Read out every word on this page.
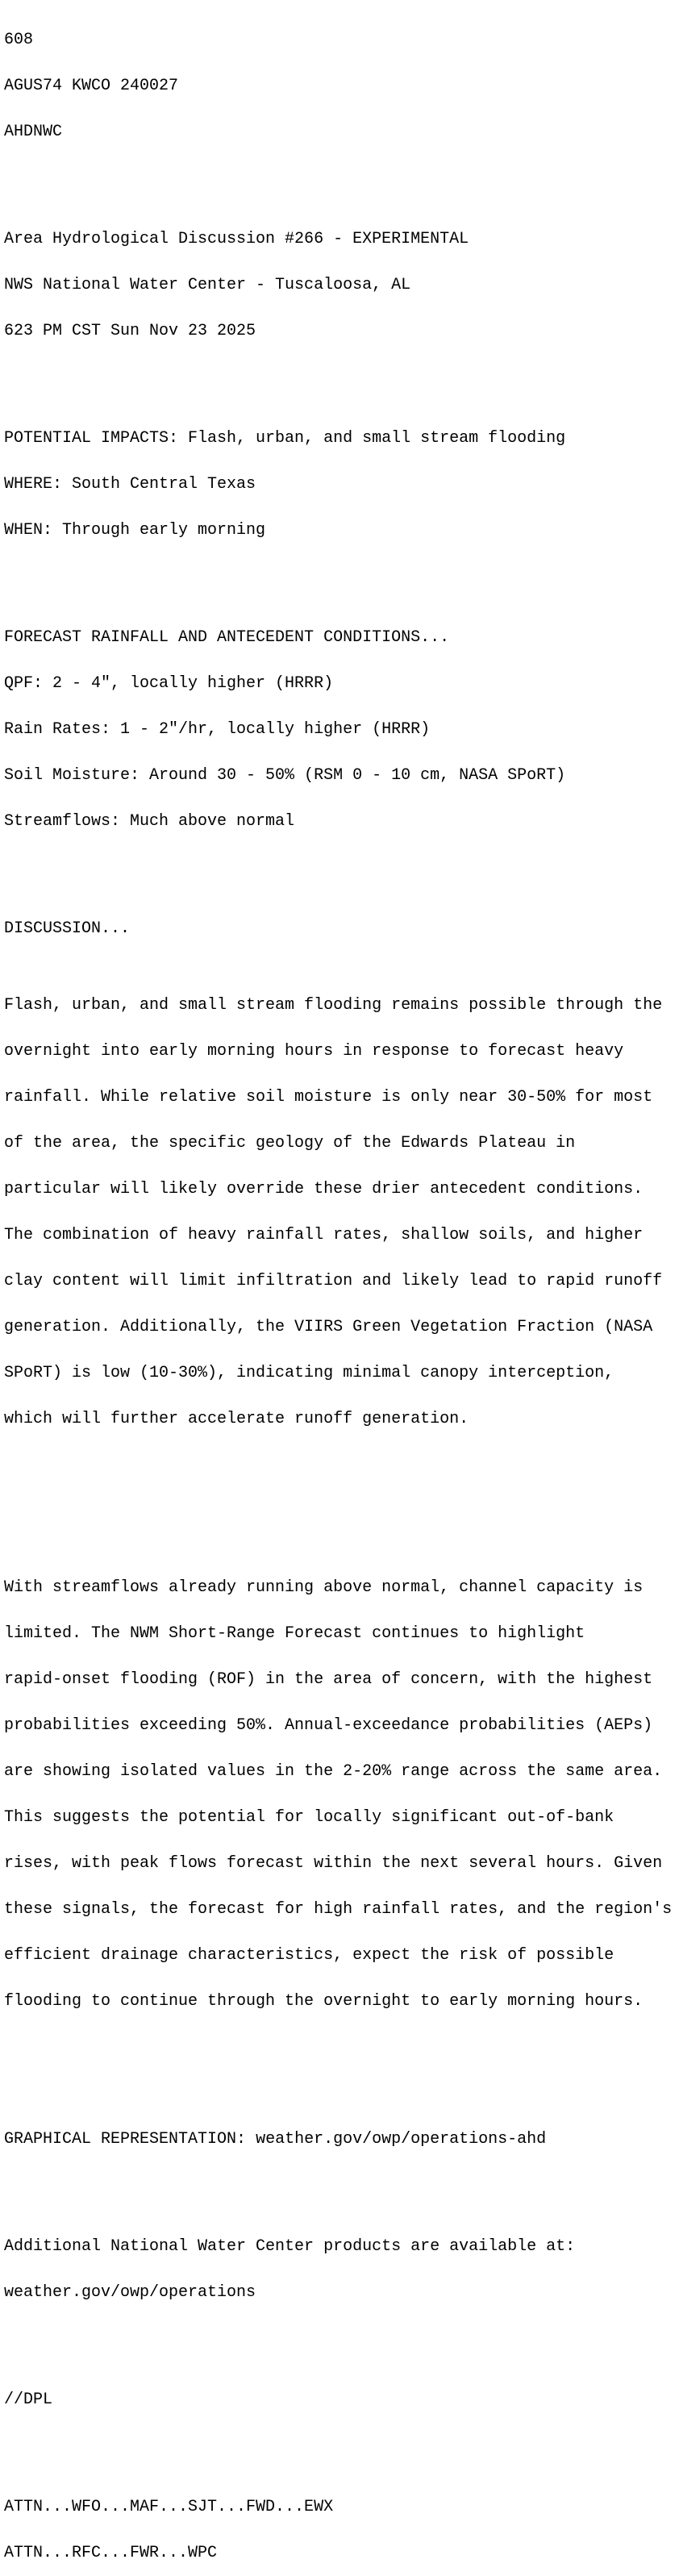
608

AGUS74 KWCO 240027

AHDNWC

Area Hydrological Discussion #266 - EXPERIMENTAL

NWS National Water Center - Tuscaloosa, AL

623 PM CST Sun Nov 23 2025

POTENTIAL IMPACTS: Flash, urban, and small stream flooding

WHERE: South Central Texas

WHEN: Through early morning

FORECAST RAINFALL AND ANTECEDENT CONDITIONS...

QPF: 2 - 4", locally higher (HRRR)

Rain Rates: 1 - 2"/hr, locally higher (HRRR)

Soil Moisture: Around 30 - 50% (RSM 0 - 10 cm, NASA SPoRT)

Streamflows: Much above normal

DISCUSSION...

Flash, urban, and small stream flooding remains possible through the

overnight into early morning hours in response to forecast heavy

rainfall. While relative soil moisture is only near 30-50% for most

of the area, the specific geology of the Edwards Plateau in

particular will likely override these drier antecedent conditions.

The combination of heavy rainfall rates, shallow soils, and higher

clay content will limit infiltration and likely lead to rapid runoff

generation. Additionally, the VIIRS Green Vegetation Fraction (NASA

SPoRT) is low (10-30%), indicating minimal canopy interception,

which will further accelerate runoff generation.

With streamflows already running above normal, channel capacity is

limited. The NWM Short-Range Forecast continues to highlight

rapid-onset flooding (ROF) in the area of concern, with the highest

probabilities exceeding 50%. Annual-exceedance probabilities (AEPs)

are showing isolated values in the 2-20% range across the same area.

This suggests the potential for locally significant out-of-bank

rises, with peak flows forecast within the next several hours. Given

these signals, the forecast for high rainfall rates, and the region's

efficient drainage characteristics, expect the risk of possible

flooding to continue through the overnight to early morning hours.

GRAPHICAL REPRESENTATION: weather.gov/owp/operations-ahd

Additional National Water Center products are available at:

weather.gov/owp/operations

//DPL

ATTN...WFO...MAF...SJT...FWD...EWX

ATTN...RFC...FWR...WPC
